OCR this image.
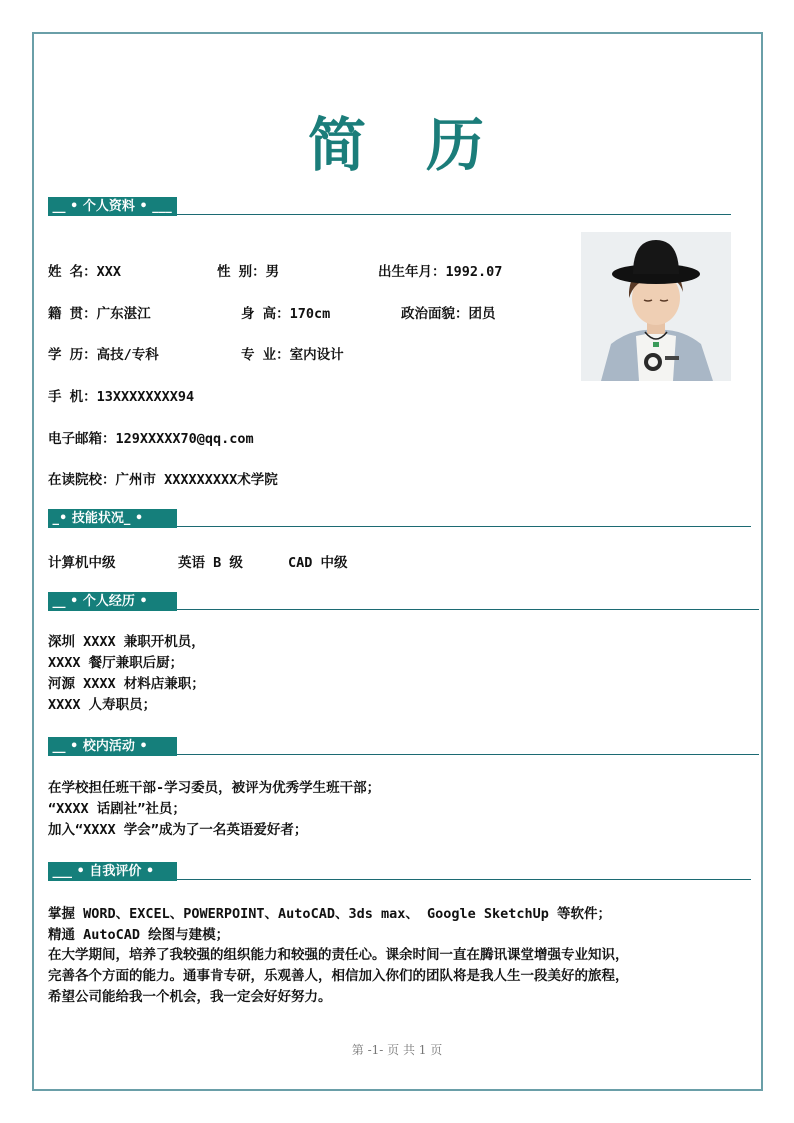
简 历
__ • 个人资料 • ___
姓 名：XXX	性 别：男	出生年月：1992.07
籍 贯：广东湛江	身 高：170cm	政治面貌：团员
学 历：高技/专科	专 业：室内设计
手 机：13XXXXXXXX94
电子邮箱：129XXXXX70@qq.com
在读院校：广州市 XXXXXXXXX术学院
_• 技能状况_ •
计算机中级	英语 B 级	CAD 中级
__ • 个人经历 •
深圳 XXXX 兼职开机员，
XXXX 餐厅兼职后厨；
河源 XXXX 材料店兼职；
XXXX 人寿职员；
__ • 校内活动 •
在学校担任班干部-学习委员，被评为优秀学生班干部；
“XXXX 话剧社”社员；
加入“XXXX 学会”成为了一名英语爱好者；
___ • 自我评价 •
掌握 WORD、EXCEL、POWERPOINT、AutoCAD、3ds max、 Google SketchUp 等软件；
精通 AutoCAD 绘图与建模；
在大学期间，培养了我较强的组织能力和较强的责任心。课余时间一直在腾讯课堂增强专业知识，
完善各个方面的能力。通事肯专研，乐观善人，相信加入你们的团队将是我人生一段美好的旅程，
希望公司能给我一个机会，我一定会好好努力。
第 -1- 页 共 1 页
